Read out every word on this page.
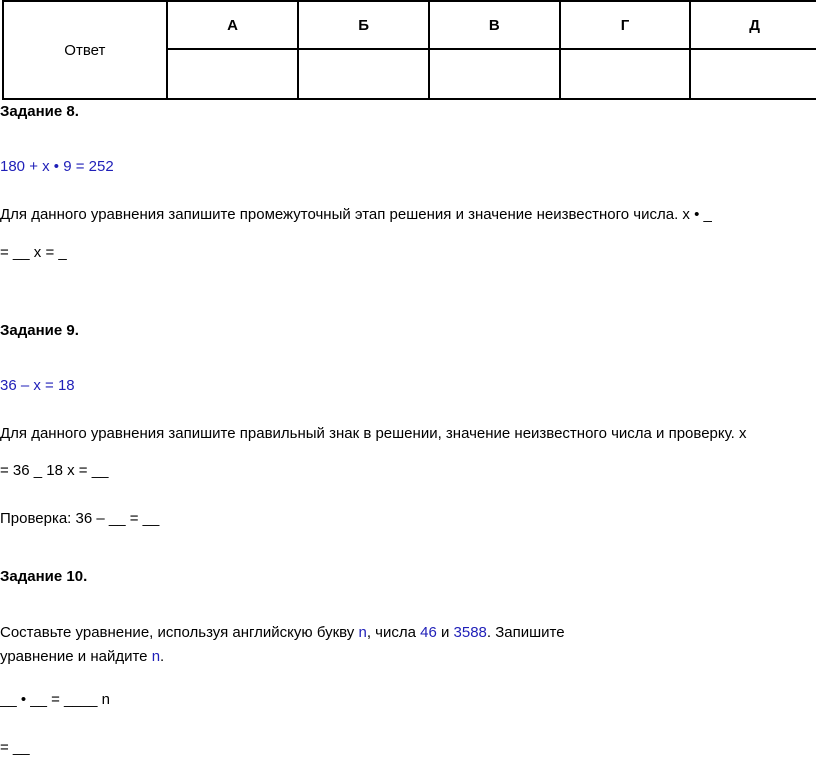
Ответ	А	Б	В	Г	Д

Задание 8.
180 + x • 9 = 252
Для данного уравнения запишите промежуточный этап решения и значение неизвестного числа. х • _
= __ х = _
Задание 9.
36 – x = 18
Для данного уравнения запишите правильный знак в решении, значение неизвестного числа и проверку. х
= 36 _ 18 х = __
Проверка: 36 – __ = __
Задание 10.
Составьте уравнение, используя английскую букву n, числа 46 и 3588. Запишите
уравнение и найдите n.
__ • __ = ____ n
= __
